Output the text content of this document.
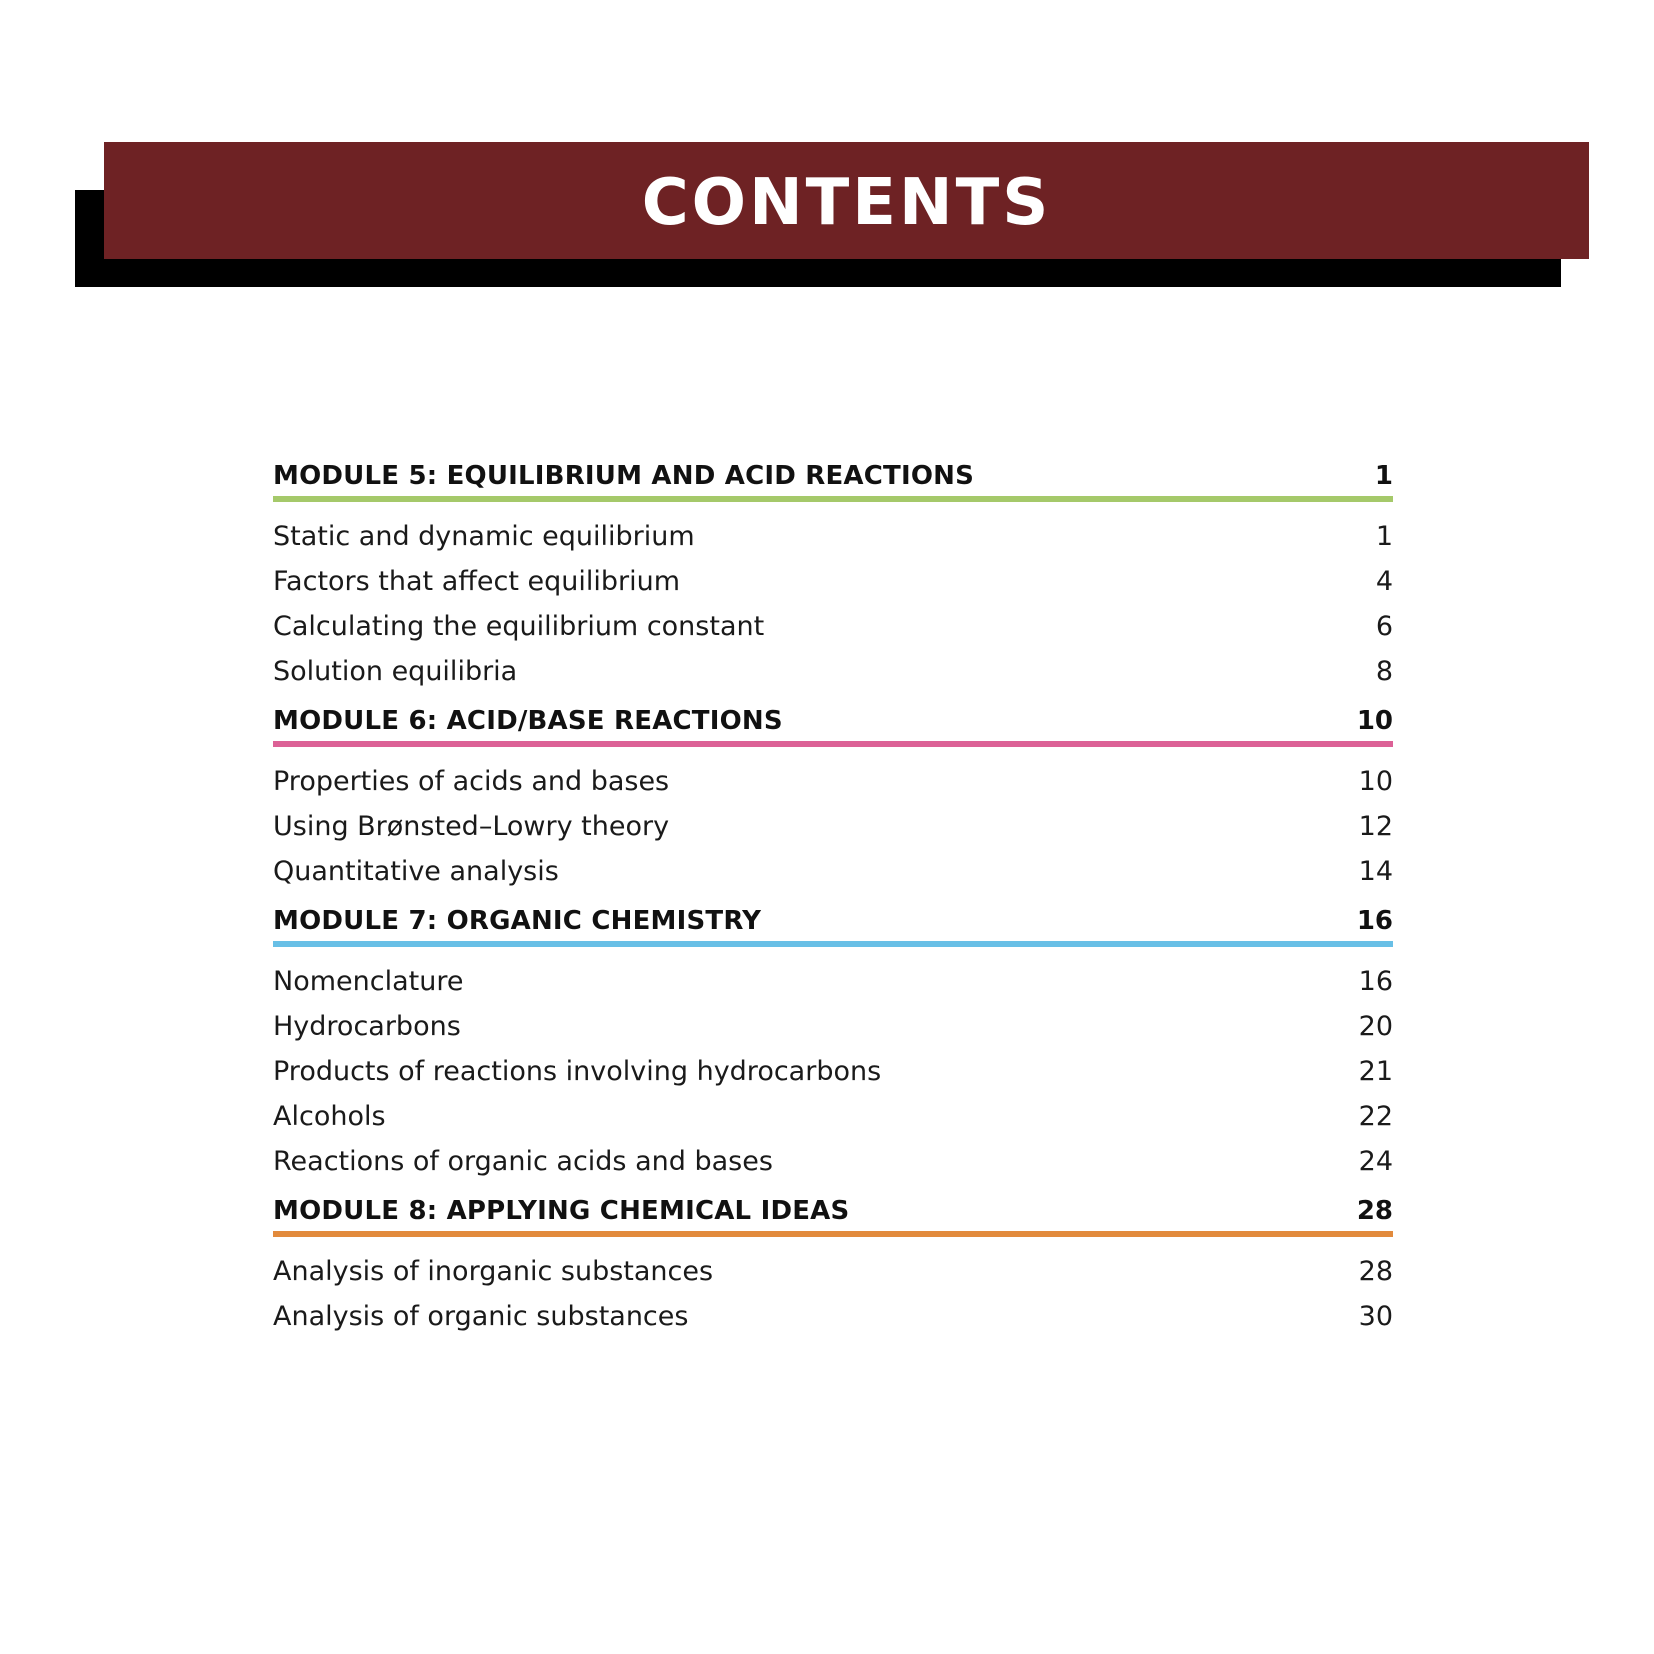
CONTENTS
MODULE 5: EQUILIBRIUM AND ACID REACTIONS	1
Static and dynamic equilibrium	1
Factors that affect equilibrium	4
Calculating the equilibrium constant	6
Solution equilibria	8
MODULE 6: ACID/BASE REACTIONS	10
Properties of acids and bases	10
Using Brønsted–Lowry theory	12
Quantitative analysis	14
MODULE 7: ORGANIC CHEMISTRY	16
Nomenclature	16
Hydrocarbons	20
Products of reactions involving hydrocarbons	21
Alcohols	22
Reactions of organic acids and bases	24
MODULE 8: APPLYING CHEMICAL IDEAS	28
Analysis of inorganic substances	28
Analysis of organic substances	30
